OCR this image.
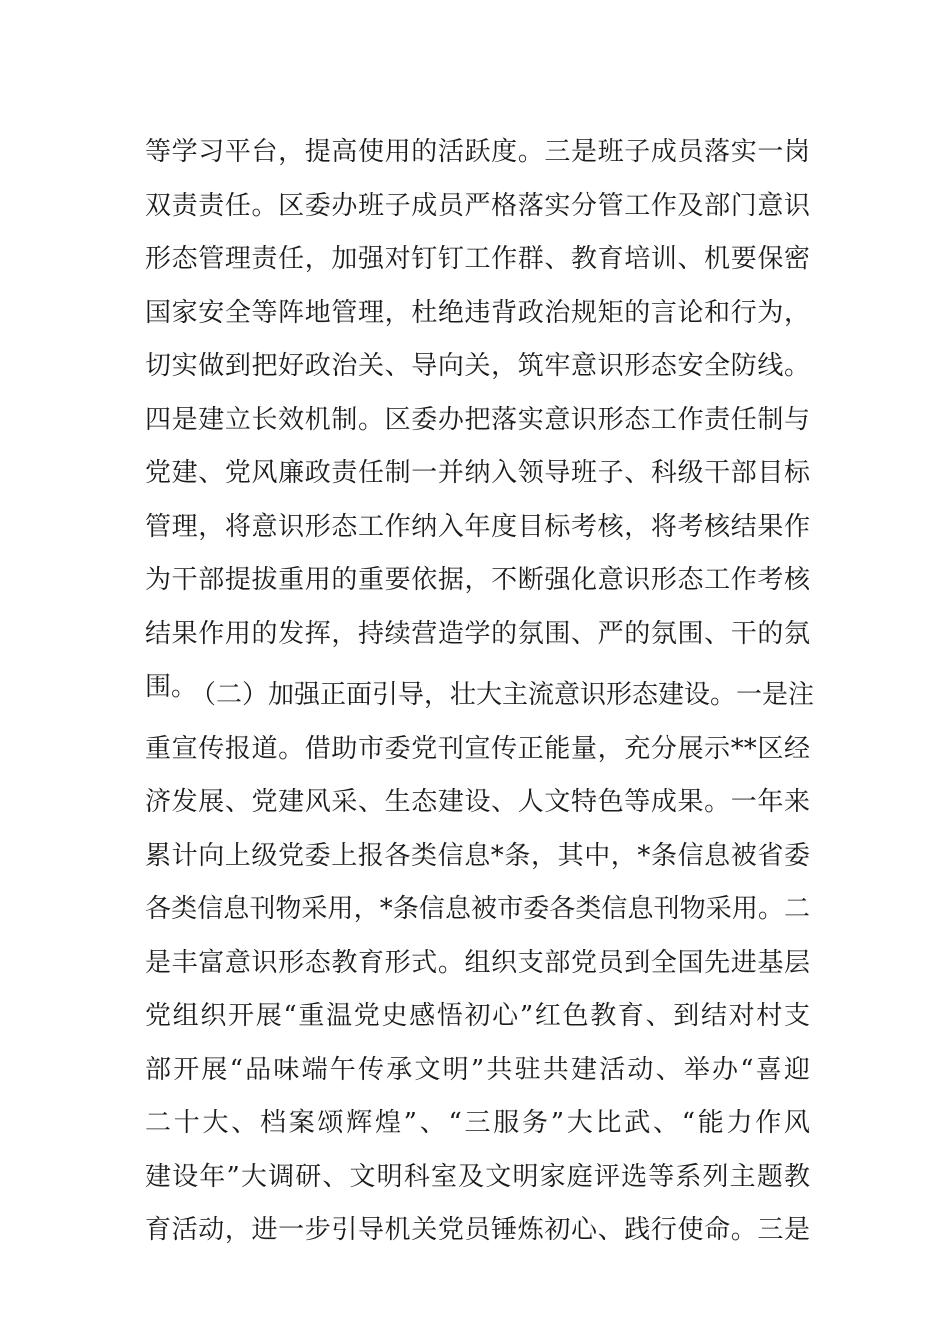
等学习平台，提高使用的活跃度。三是班子成员落实一岗
双责责任。区委办班子成员严格落实分管工作及部门意识
形态管理责任，加强对钉钉工作群、教育培训、机要保密
国家安全等阵地管理，杜绝违背政治规矩的言论和行为，
切实做到把好政治关、导向关，筑牢意识形态安全防线。
四是建立长效机制。区委办把落实意识形态工作责任制与
党建、党风廉政责任制一并纳入领导班子、科级干部目标
管理，将意识形态工作纳入年度目标考核，将考核结果作
为干部提拔重用的重要依据，不断强化意识形态工作考核
结果作用的发挥，持续营造学的氛围、严的氛围、干的氛
围。
（二）加强正面引导，壮大主流意识形态建设。一是注
重宣传报道。借助市委党刊宣传正能量，充分展示**区经
济发展、党建风采、生态建设、人文特色等成果。一年来
累计向上级党委上报各类信息*条，其中，*条信息被省委
各类信息刊物采用，*条信息被市委各类信息刊物采用。二
是丰富意识形态教育形式。组织支部党员到全国先进基层
党组织开展“重温党史感悟初心”红色教育、到结对村支
部开展“品味端午传承文明”共驻共建活动、举办“喜迎
二十大、档案颂辉煌”、“三服务”大比武、“能力作风
建设年”大调研、文明科室及文明家庭评选等系列主题教
育活动，进一步引导机关党员锤炼初心、践行使命。三是
